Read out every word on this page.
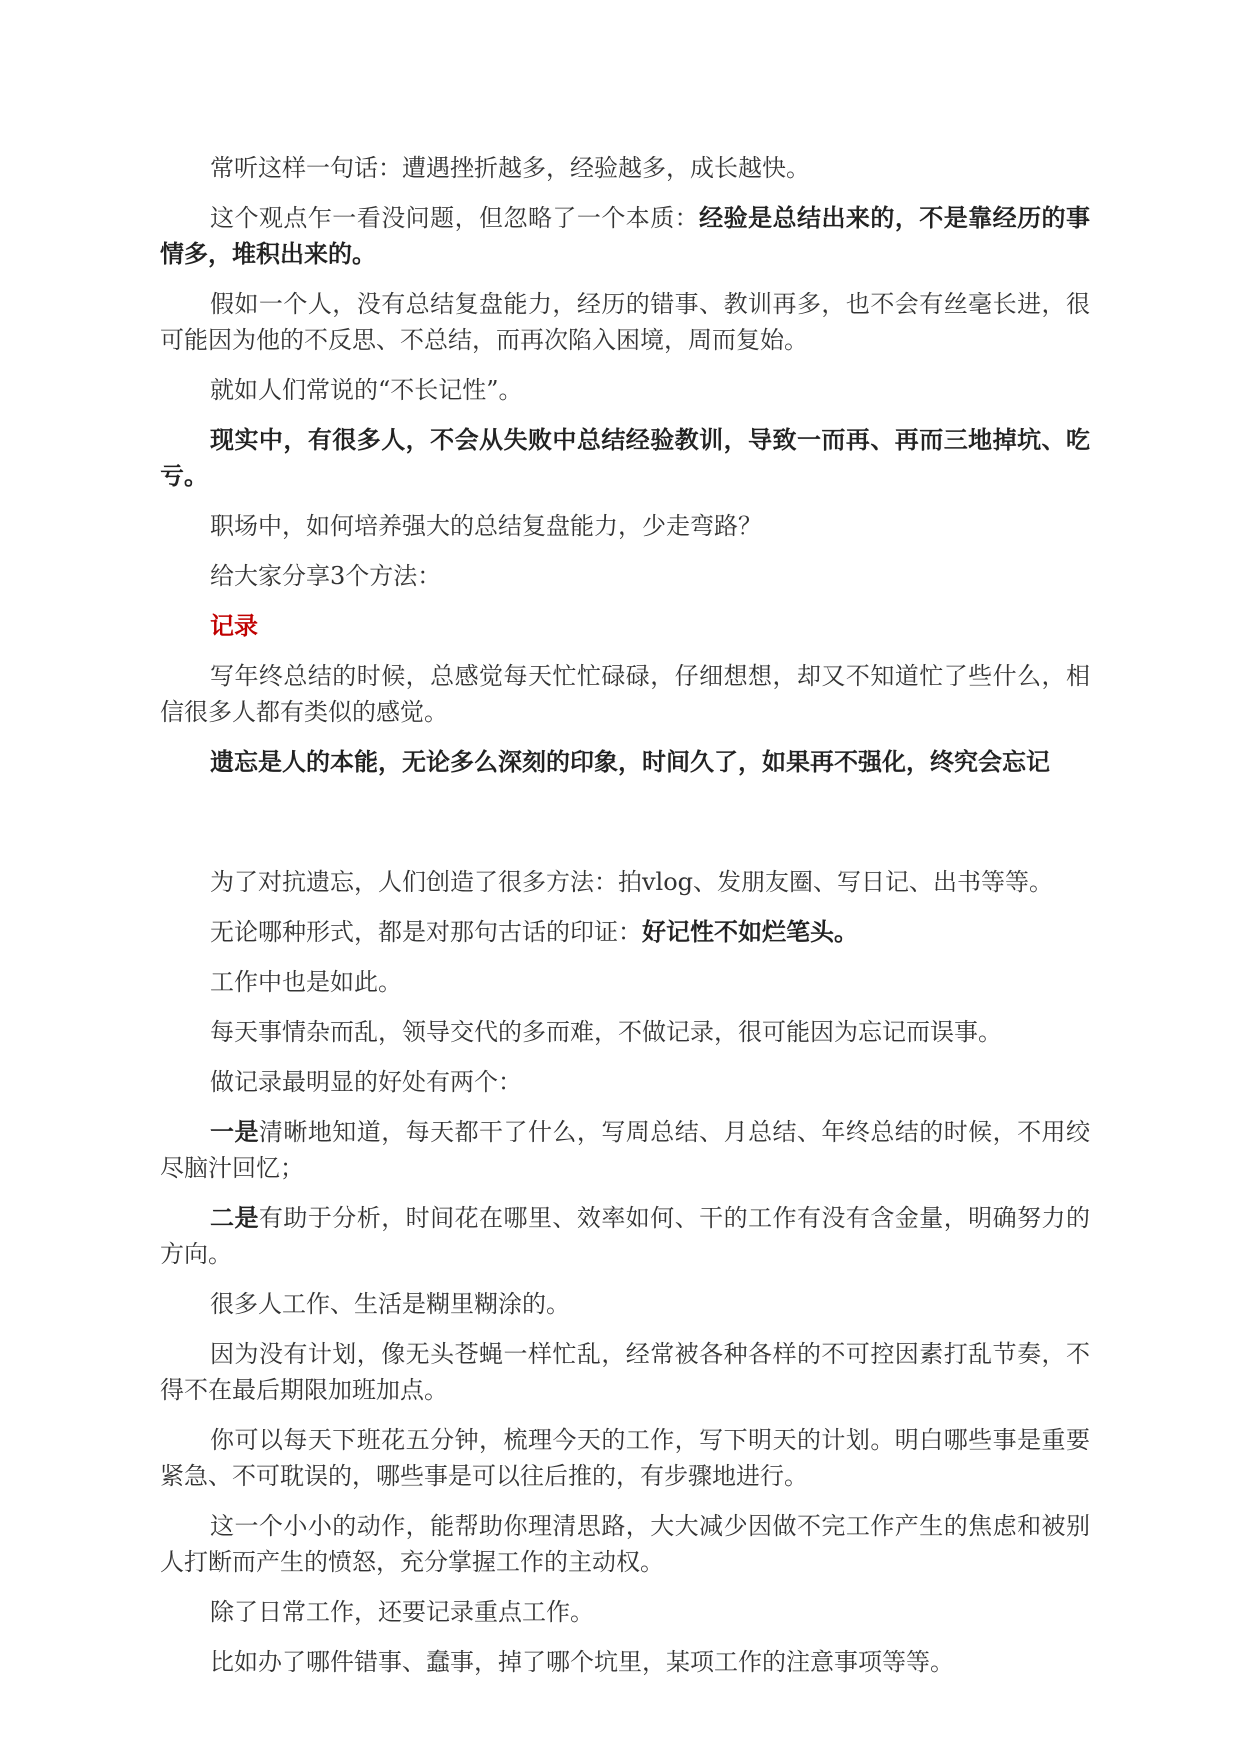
常听这样一句话：遭遇挫折越多，经验越多，成长越快。

这个观点乍一看没问题，但忽略了一个本质：经验是总结出来的，不是靠经历的事情多，堆积出来的。

假如一个人，没有总结复盘能力，经历的错事、教训再多，也不会有丝毫长进，很可能因为他的不反思、不总结，而再次陷入困境，周而复始。

就如人们常说的“不长记性”。

现实中，有很多人，不会从失败中总结经验教训，导致一而再、再而三地掉坑、吃亏。

职场中，如何培养强大的总结复盘能力，少走弯路？

给大家分享3个方法：

记录

写年终总结的时候，总感觉每天忙忙碌碌，仔细想想，却又不知道忙了些什么，相信很多人都有类似的感觉。

遗忘是人的本能，无论多么深刻的印象，时间久了，如果再不强化，终究会忘记

为了对抗遗忘，人们创造了很多方法：拍vlog、发朋友圈、写日记、出书等等。

无论哪种形式，都是对那句古话的印证：好记性不如烂笔头。

工作中也是如此。

每天事情杂而乱，领导交代的多而难，不做记录，很可能因为忘记而误事。

做记录最明显的好处有两个：

一是清晰地知道，每天都干了什么，写周总结、月总结、年终总结的时候，不用绞尽脑汁回忆；

二是有助于分析，时间花在哪里、效率如何、干的工作有没有含金量，明确努力的方向。

很多人工作、生活是糊里糊涂的。

因为没有计划，像无头苍蝇一样忙乱，经常被各种各样的不可控因素打乱节奏，不得不在最后期限加班加点。

你可以每天下班花五分钟，梳理今天的工作，写下明天的计划。明白哪些事是重要紧急、不可耽误的，哪些事是可以往后推的，有步骤地进行。

这一个小小的动作，能帮助你理清思路，大大减少因做不完工作产生的焦虑和被别人打断而产生的愤怒，充分掌握工作的主动权。

除了日常工作，还要记录重点工作。

比如办了哪件错事、蠢事，掉了哪个坑里，某项工作的注意事项等等。
